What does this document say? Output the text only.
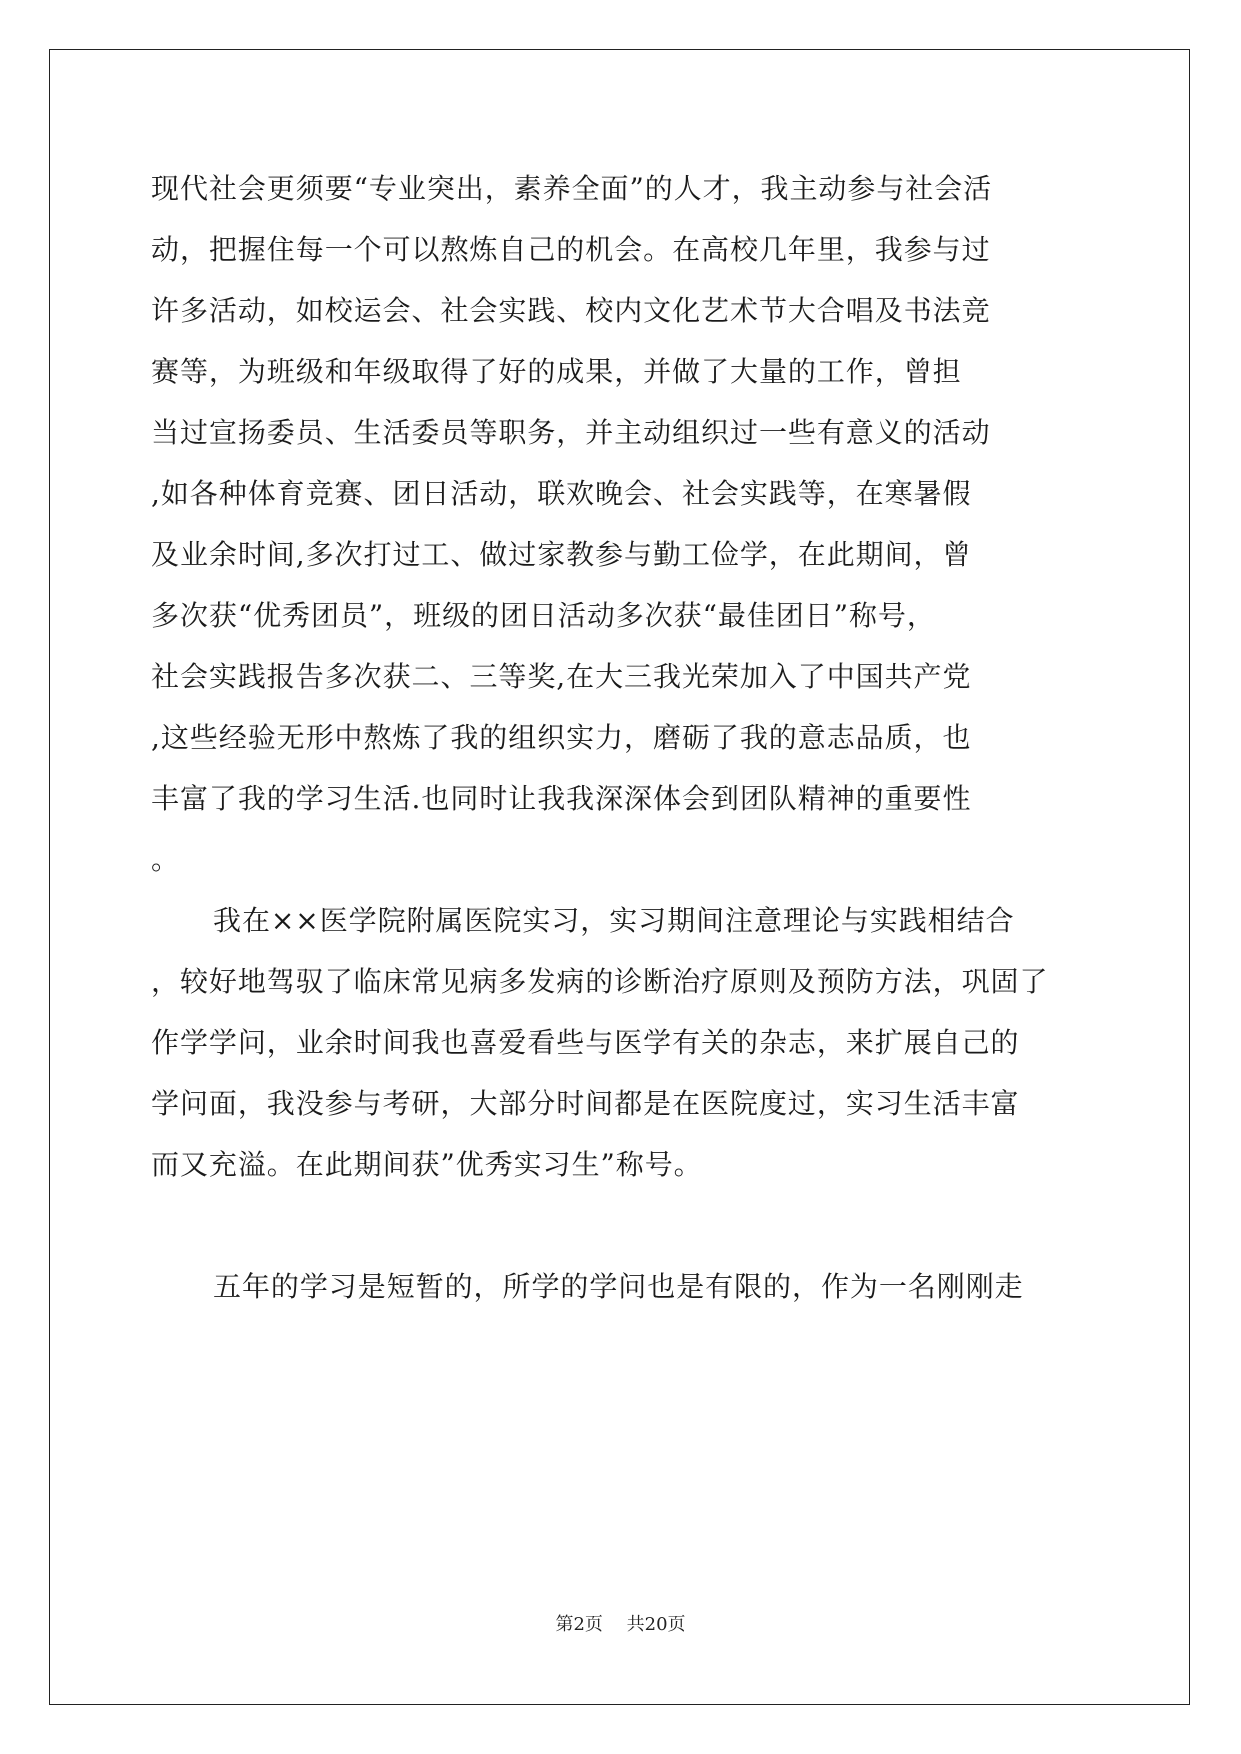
现代社会更须要“专业突出，素养全面”的人才，我主动参与社会活
动，把握住每一个可以熬炼自己的机会。在高校几年里，我参与过
许多活动，如校运会、社会实践、校内文化艺术节大合唱及书法竞
赛等，为班级和年级取得了好的成果，并做了大量的工作，曾担
当过宣扬委员、生活委员等职务，并主动组织过一些有意义的活动
,如各种体育竞赛、团日活动，联欢晚会、社会实践等，在寒暑假
及业余时间,多次打过工、做过家教参与勤工俭学，在此期间，曾
多次获“优秀团员”，班级的团日活动多次获“最佳团日”称号，
社会实践报告多次获二、三等奖,在大三我光荣加入了中国共产党
,这些经验无形中熬炼了我的组织实力，磨砺了我的意志品质，也
丰富了我的学习生活.也同时让我我深深体会到团队精神的重要性
。

我在××医学院附属医院实习，实习期间注意理论与实践相结合
，较好地驾驭了临床常见病多发病的诊断治疗原则及预防方法，巩固了
作学学问，业余时间我也喜爱看些与医学有关的杂志，来扩展自己的
学问面，我没参与考研，大部分时间都是在医院度过，实习生活丰富
而又充溢。在此期间获”优秀实习生”称号。

五年的学习是短暂的，所学的学问也是有限的，作为一名刚刚走

第2页 共20页
